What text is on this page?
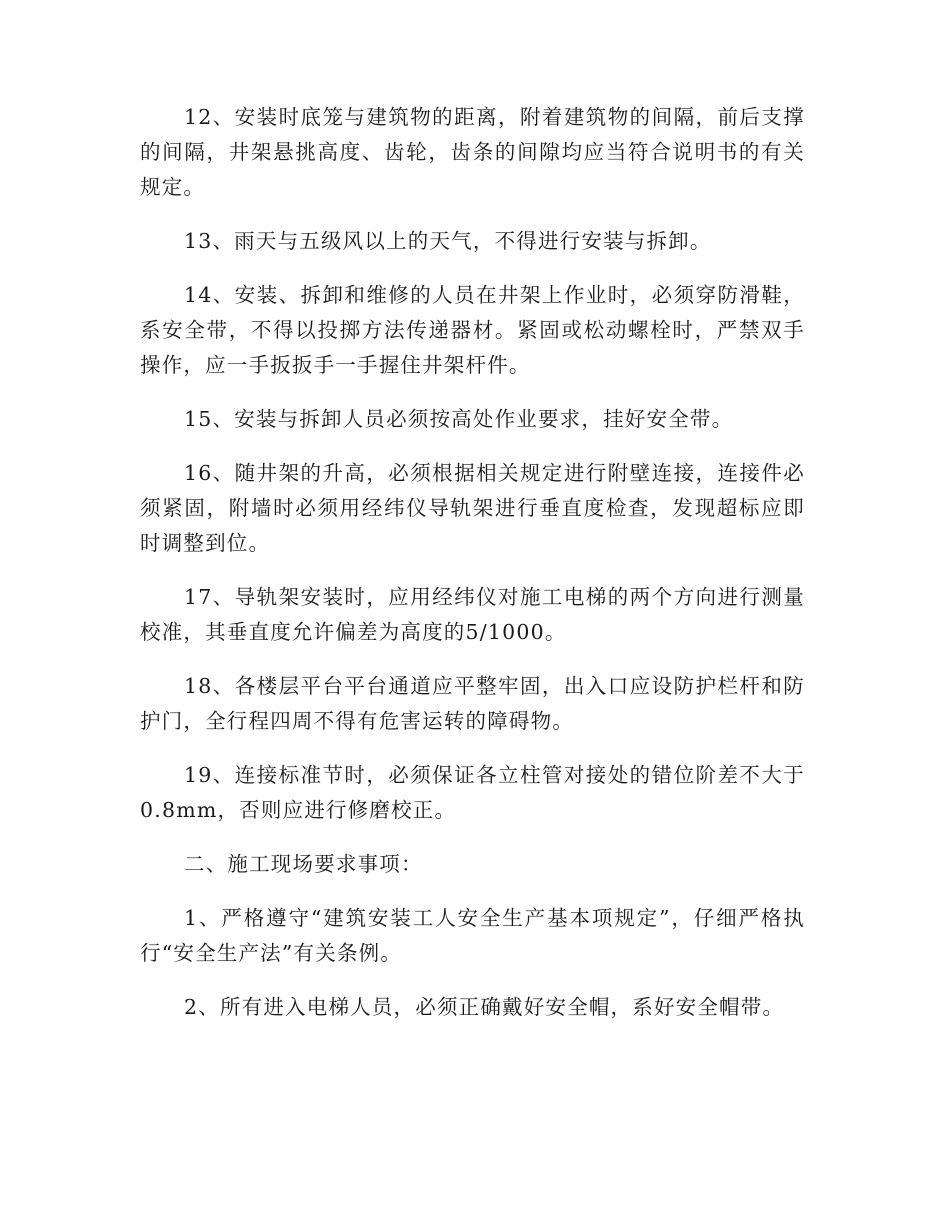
12、安装时底笼与建筑物的距离，附着建筑物的间隔，前后支撑的间隔，井架悬挑高度、齿轮，齿条的间隙均应当符合说明书的有关规定。

13、雨天与五级风以上的天气，不得进行安装与拆卸。

14、安装、拆卸和维修的人员在井架上作业时，必须穿防滑鞋，系安全带，不得以投掷方法传递器材。紧固或松动螺栓时，严禁双手操作，应一手扳扳手一手握住井架杆件。

15、安装与拆卸人员必须按高处作业要求，挂好安全带。

16、随井架的升高，必须根据相关规定进行附壁连接，连接件必须紧固，附墙时必须用经纬仪导轨架进行垂直度检查，发现超标应即时调整到位。

17、导轨架安装时，应用经纬仪对施工电梯的两个方向进行测量校准，其垂直度允许偏差为高度的5/1000。

18、各楼层平台平台通道应平整牢固，出入口应设防护栏杆和防护门，全行程四周不得有危害运转的障碍物。

19、连接标准节时，必须保证各立柱管对接处的错位阶差不大于0.8mm，否则应进行修磨校正。

二、施工现场要求事项：

1、严格遵守“建筑安装工人安全生产基本项规定”，仔细严格执行“安全生产法”有关条例。

2、所有进入电梯人员，必须正确戴好安全帽，系好安全帽带。
